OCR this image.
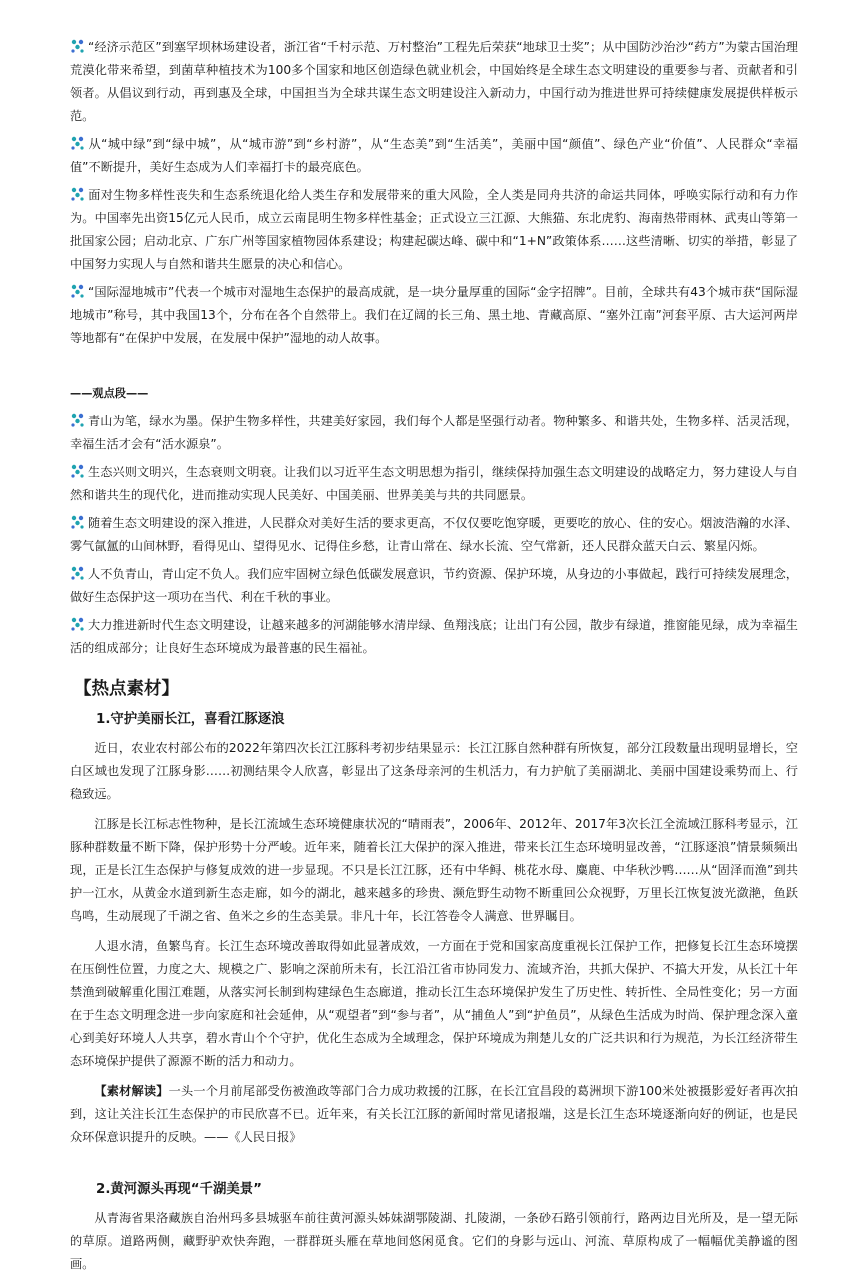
“经济示范区”到塞罕坝林场建设者，浙江省“千村示范、万村整治”工程先后荣获“地球卫士奖”；从中国防沙治沙“药方”为蒙古国治理荒漠化带来希望，到菌草种植技术为100多个国家和地区创造绿色就业机会，中国始终是全球生态文明建设的重要参与者、贡献者和引领者。从倡议到行动，再到惠及全球，中国担当为全球共谋生态文明建设注入新动力，中国行动为推进世界可持续健康发展提供样板示范。

从“城中绿”到“绿中城”，从“城市游”到“乡村游”，从“生态美”到“生活美”，美丽中国“颜值”、绿色产业“价值”、人民群众“幸福值”不断提升，美好生态成为人们幸福打卡的最亮底色。

面对生物多样性丧失和生态系统退化给人类生存和发展带来的重大风险，全人类是同舟共济的命运共同体，呼唤实际行动和有力作为。中国率先出资15亿元人民币，成立云南昆明生物多样性基金；正式设立三江源、大熊猫、东北虎豹、海南热带雨林、武夷山等第一批国家公园；启动北京、广东广州等国家植物园体系建设；构建起碳达峰、碳中和“1+N”政策体系……这些清晰、切实的举措，彰显了中国努力实现人与自然和谐共生愿景的决心和信心。

“国际湿地城市”代表一个城市对湿地生态保护的最高成就，是一块分量厚重的国际“金字招牌”。目前，全球共有43个城市获“国际湿地城市”称号，其中我国13个，分布在各个自然带上。我们在辽阔的长三角、黑土地、青藏高原、“塞外江南”河套平原、古大运河两岸等地都有“在保护中发展，在发展中保护”湿地的动人故事。

——观点段——

青山为笔，绿水为墨。保护生物多样性，共建美好家园，我们每个人都是坚强行动者。物种繁多、和谐共处，生物多样、活灵活现，幸福生活才会有“活水源泉”。

生态兴则文明兴，生态衰则文明衰。让我们以习近平生态文明思想为指引，继续保持加强生态文明建设的战略定力，努力建设人与自然和谐共生的现代化，进而推动实现人民美好、中国美丽、世界美美与共的共同愿景。

随着生态文明建设的深入推进，人民群众对美好生活的要求更高，不仅仅要吃饱穿暖，更要吃的放心、住的安心。烟波浩瀚的水泽、雾气氤氲的山间林野，看得见山、望得见水、记得住乡愁，让青山常在、绿水长流、空气常新，还人民群众蓝天白云、繁星闪烁。

人不负青山，青山定不负人。我们应牢固树立绿色低碳发展意识，节约资源、保护环境，从身边的小事做起，践行可持续发展理念，做好生态保护这一项功在当代、利在千秋的事业。

大力推进新时代生态文明建设，让越来越多的河湖能够水清岸绿、鱼翔浅底；让出门有公园，散步有绿道，推窗能见绿，成为幸福生活的组成部分；让良好生态环境成为最普惠的民生福祉。

【热点素材】
1.守护美丽长江，喜看江豚逐浪

近日，农业农村部公布的2022年第四次长江江豚科考初步结果显示：长江江豚自然种群有所恢复，部分江段数量出现明显增长，空白区域也发现了江豚身影……初测结果令人欣喜，彰显出了这条母亲河的生机活力，有力护航了美丽湖北、美丽中国建设乘势而上、行稳致远。

江豚是长江标志性物种，是长江流域生态环境健康状况的“晴雨表”，2006年、2012年、2017年3次长江全流域江豚科考显示，江豚种群数量不断下降，保护形势十分严峻。近年来，随着长江大保护的深入推进，带来长江生态环境明显改善，“江豚逐浪”情景频频出现，正是长江生态保护与修复成效的进一步显现。不只是长江江豚，还有中华鲟、桃花水母、麋鹿、中华秋沙鸭……从“固泽而渔”到共护一江水，从黄金水道到新生态走廊，如今的湖北，越来越多的珍贵、濒危野生动物不断重回公众视野，万里长江恢复波光潋滟，鱼跃鸟鸣，生动展现了千湖之省、鱼米之乡的生态美景。非凡十年，长江答卷令人满意、世界瞩目。

人退水清，鱼繁鸟育。长江生态环境改善取得如此显著成效，一方面在于党和国家高度重视长江保护工作，把修复长江生态环境摆在压倒性位置，力度之大、规模之广、影响之深前所未有，长江沿江省市协同发力、流域齐治，共抓大保护、不搞大开发，从长江十年禁渔到破解重化围江难题，从落实河长制到构建绿色生态廊道，推动长江生态环境保护发生了历史性、转折性、全局性变化；另一方面在于生态文明理念进一步向家庭和社会延伸，从“观望者”到“参与者”，从“捕鱼人”到“护鱼员”，从绿色生活成为时尚、保护理念深入童心到美好环境人人共享，碧水青山个个守护，优化生态成为全域理念，保护环境成为荆楚儿女的广泛共识和行为规范，为长江经济带生态环境保护提供了源源不断的活力和动力。

【素材解读】一头一个月前尾部受伤被渔政等部门合力成功救援的江豚，在长江宜昌段的葛洲坝下游100米处被摄影爱好者再次拍到，这让关注长江生态保护的市民欣喜不已。近年来，有关长江江豚的新闻时常见诸报端，这是长江生态环境逐渐向好的例证，也是民众环保意识提升的反映。——《人民日报》

2.黄河源头再现“千湖美景”

从青海省果洛藏族自治州玛多县城驱车前往黄河源头姊妹湖鄂陵湖、扎陵湖，一条砂石路引领前行，路两边目光所及，是一望无际的草原。道路两侧，藏野驴欢快奔跑，一群群斑头雁在草地间悠闲觅食。它们的身影与远山、河流、草原构成了一幅幅优美静谧的图画。
